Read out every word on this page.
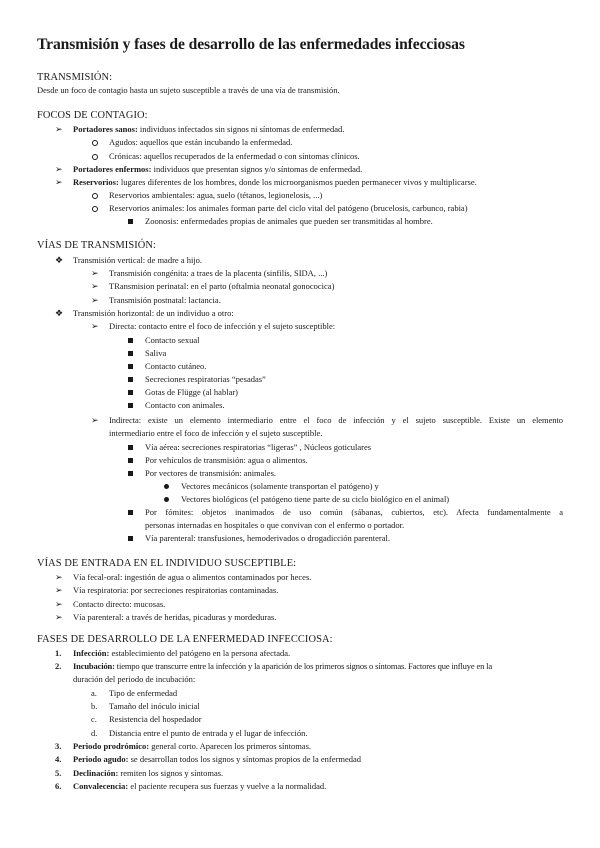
Transmisión y fases de desarrollo de las enfermedades infecciosas
TRANSMISIÓN:
Desde un foco de contagio hasta un sujeto susceptible a través de una vía de transmisión.
FOCOS DE CONTAGIO:
➢ Portadores sanos: individuos infectados sin signos ni síntomas de enfermedad.
Agudos: aquellos que están incubando la enfermedad.
Crónicas: aquellos recuperados de la enfermedad o con síntomas clínicos.
➢ Portadores enfermos: individuos que presentan signos y/o síntomas de enfermedad.
➢ Reservorios: lugares diferentes de los hombres, donde los microorganismos pueden permanecer vivos y multiplicarse.
Reservorios ambientales: agua, suelo (tétanos, legionelosis, ...)
Reservorios animales: los animales forman parte del ciclo vital del patógeno (brucelosis, carbunco, rabia)
Zoonosis: enfermedades propias de animales que pueden ser transmitidas al hombre.
VÍAS DE TRANSMISIÓN:
❖ Transmisión vertical: de madre a hijo.
➢ Transmisión congénita: a traes de la placenta (sinfilis, SIDA, ...)
➢ TRansmision perinatal: en el parto (oftalmia neonatal gonococica)
➢ Transmisión postnatal: lactancia.
❖ Transmisión horizontal: de un individuo a otro:
➢ Directa: contacto entre el foco de infección y el sujeto susceptible:
Contacto sexual
Saliva
Contacto cutáneo.
Secreciones respiratorias “pesadas”
Gotas de Flügge (al hablar)
Contacto con animales.
➢ Indirecta: existe un elemento intermediario entre el foco de infección y el sujeto susceptible. Existe un elemento
intermediario entre el foco de infección y el sujeto susceptible.
Vía aérea: secreciones respiratorias “ligeras” , Núcleos goticulares
Por vehículos de transmisión: agua o alimentos.
Por vectores de transmisión: animales.
Vectores mecánicos (solamente transportan el patógeno) y
Vectores biológicos (el patógeno tiene parte de su ciclo biológico en el animal)
Por fómites: objetos inanimados de uso común (sábanas, cubiertos, etc). Afecta fundamentalmente a
personas internadas en hospitales o que convivan con el enfermo o portador.
Vía parenteral: transfusiones, hemoderivados o drogadicción parenteral.
VÍAS DE ENTRADA EN EL INDIVIDUO SUSCEPTIBLE:
➢ Vía fecal-oral: ingestión de agua o alimentos contaminados por heces.
➢ Vía respiratoria: por secreciones respiratorias contaminadas.
➢ Contacto directo: mucosas.
➢ Vía parenteral: a través de heridas, picaduras y mordeduras.
FASES DE DESARROLLO DE LA ENFERMEDAD INFECCIOSA:
1. Infección: establecimiento del patógeno en la persona afectada.
2. Incubación: tiempo que transcurre entre la infección y la aparición de los primeros signos o síntomas. Factores que influye en la
duración del periodo de incubación:
a. Tipo de enfermedad
b. Tamaño del inóculo inicial
c. Resistencia del hospedador
d. Distancia entre el punto de entrada y el lugar de infección.
3. Periodo prodrómico: general corto. Aparecen los primeros síntomas.
4. Periodo agudo: se desarrollan todos los signos y síntomas propios de la enfermedad
5. Declinación: remiten los signos y síntomas.
6. Convalecencia: el paciente recupera sus fuerzas y vuelve a la normalidad.
